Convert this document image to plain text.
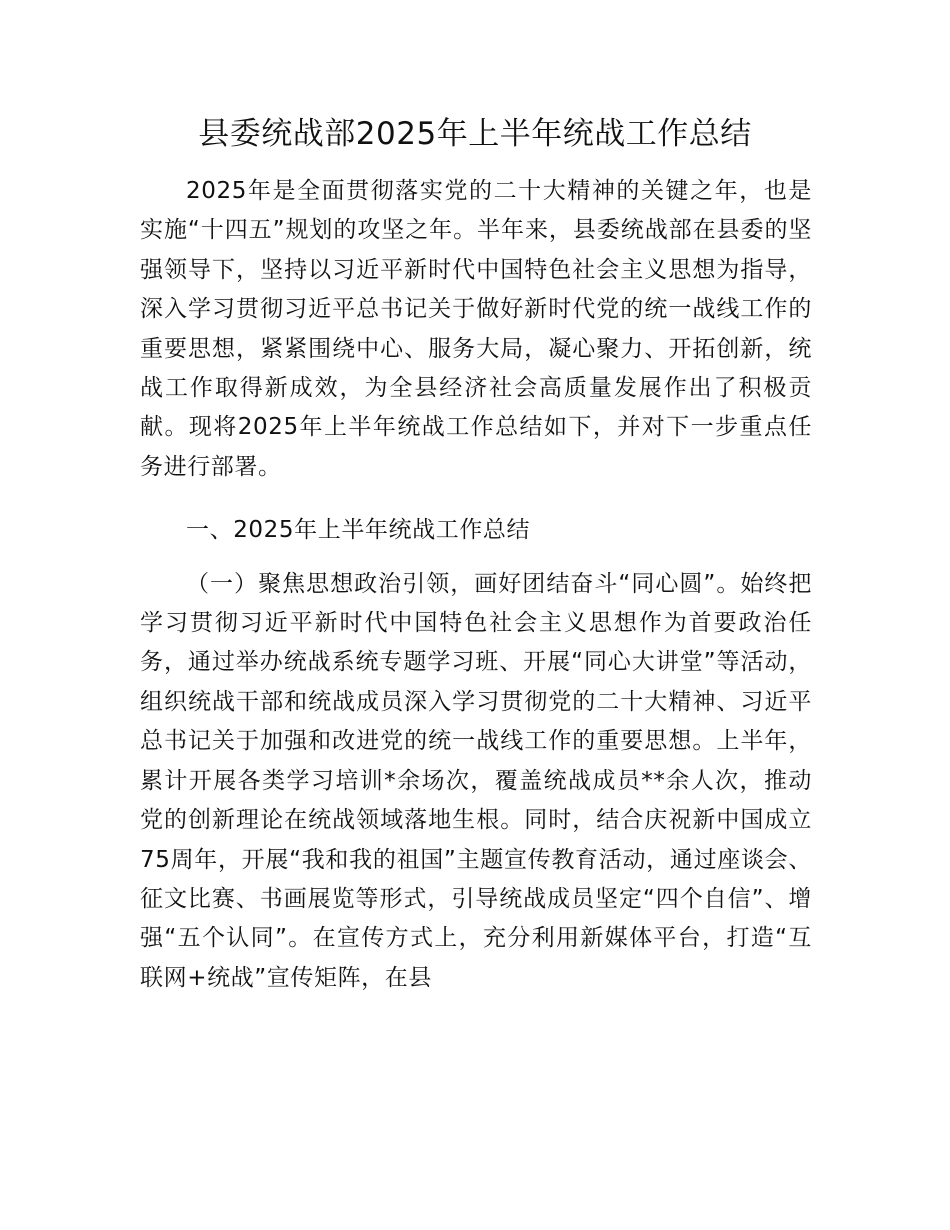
县委统战部2025年上半年统战工作总结

2025年是全面贯彻落实党的二十大精神的关键之年，也是实施“十四五”规划的攻坚之年。半年来，县委统战部在县委的坚强领导下，坚持以习近平新时代中国特色社会主义思想为指导，深入学习贯彻习近平总书记关于做好新时代党的统一战线工作的重要思想，紧紧围绕中心、服务大局，凝心聚力、开拓创新，统战工作取得新成效，为全县经济社会高质量发展作出了积极贡献。现将2025年上半年统战工作总结如下，并对下一步重点任务进行部署。

一、2025年上半年统战工作总结

（一）聚焦思想政治引领，画好团结奋斗“同心圆”。始终把学习贯彻习近平新时代中国特色社会主义思想作为首要政治任务，通过举办统战系统专题学习班、开展“同心大讲堂”等活动，组织统战干部和统战成员深入学习贯彻党的二十大精神、习近平总书记关于加强和改进党的统一战线工作的重要思想。上半年，累计开展各类学习培训*余场次，覆盖统战成员**余人次，推动党的创新理论在统战领域落地生根。同时，结合庆祝新中国成立75周年，开展“我和我的祖国”主题宣传教育活动，通过座谈会、征文比赛、书画展览等形式，引导统战成员坚定“四个自信”、增强“五个认同”。在宣传方式上，充分利用新媒体平台，打造“互联网+统战”宣传矩阵，在县
